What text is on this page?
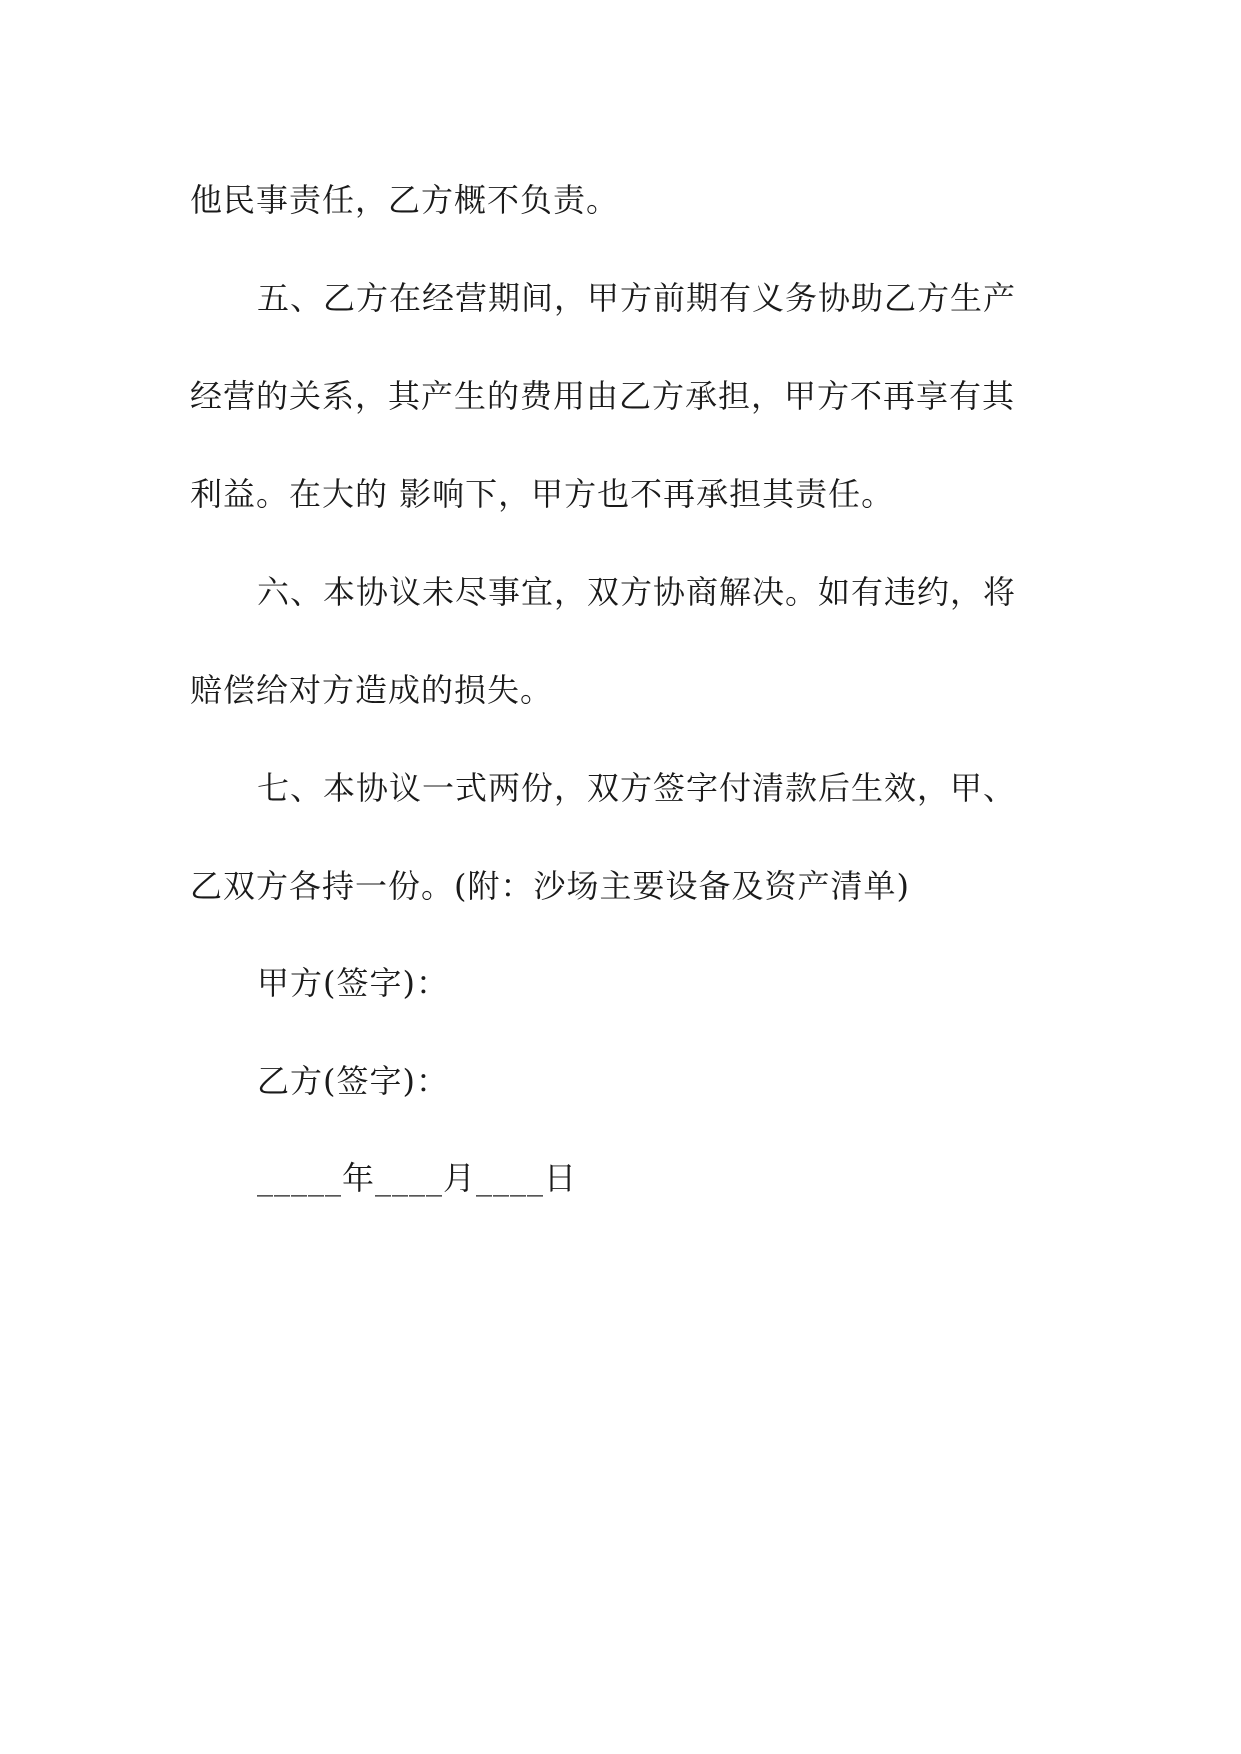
他民事责任，乙方概不负责。
五、乙方在经营期间，甲方前期有义务协助乙方生产
经营的关系，其产生的费用由乙方承担，甲方不再享有其
利益。在大的 影响下，甲方也不再承担其责任。
六、本协议未尽事宜，双方协商解决。如有违约，将
赔偿给对方造成的损失。
七、本协议一式两份，双方签字付清款后生效，甲、
乙双方各持一份。(附：沙场主要设备及资产清单)
甲方(签字)：
乙方(签字)：
_____年____月____日
